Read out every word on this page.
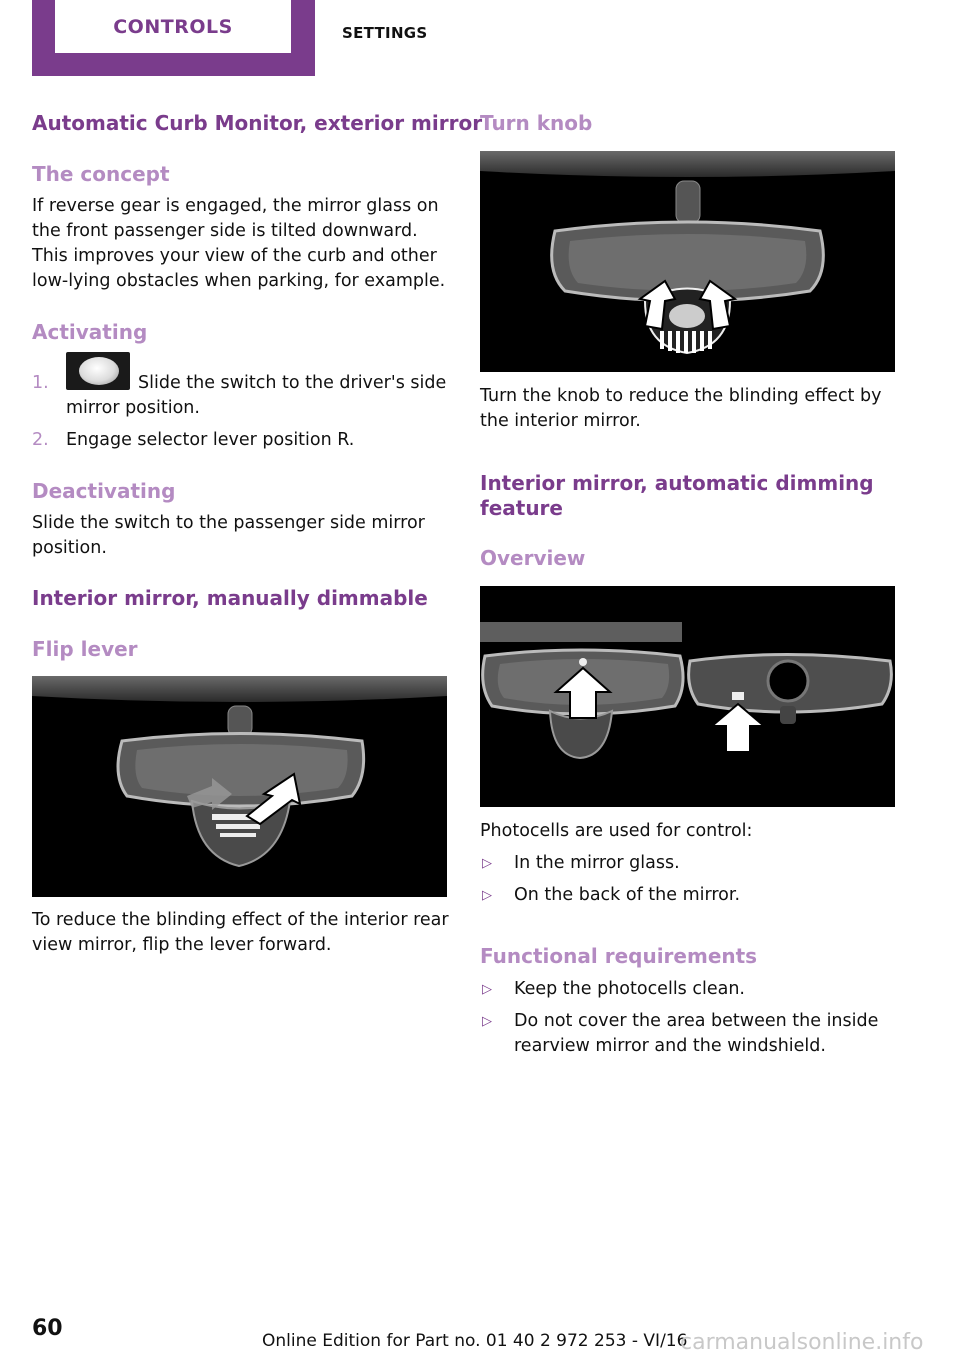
CONTROLS	SETTINGS
Automatic Curb Monitor, exterior mirror
The concept
If reverse gear is engaged, the mirror glass on
the front passenger side is tilted downward.
This improves your view of the curb and other
low-lying obstacles when parking, for example.
Activating
1.	Slide the switch to the driver's side
mirror position.
2. Engage selector lever position R.
Deactivating
Slide the switch to the passenger side mirror
position.
Interior mirror, manually dimmable
Flip lever
To reduce the blinding effect of the interior rear
view mirror, flip the lever forward.
Turn knob
Turn the knob to reduce the blinding effect by
the interior mirror.
Interior mirror, automatic dimming
feature
Overview
Photocells are used for control:
▷ In the mirror glass.
▷ On the back of the mirror.
Functional requirements
▷ Keep the photocells clean.
▷ Do not cover the area between the inside
rearview mirror and the windshield.
60	Online Edition for Part no. 01 40 2 972 253 - VI/16
carmanualsonline.info
